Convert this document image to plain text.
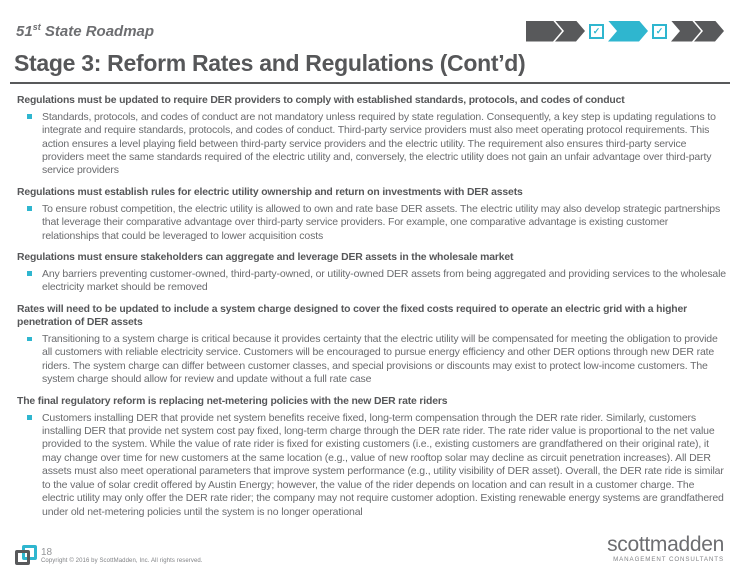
51st State Roadmap	✓	✓
Stage 3: Reform Rates and Regulations (Cont’d)
Regulations must be updated to require DER providers to comply with established standards, protocols, and codes of conduct
Standards, protocols, and codes of conduct are not mandatory unless required by state regulation. Consequently, a key step is updating regulations to integrate and require standards, protocols, and codes of conduct. Third-party service providers must also meet operating protocol requirements. This action ensures a level playing field between third-party service providers and the electric utility. The requirement also ensures third-party service providers meet the same standards required of the electric utility and, conversely, the electric utility does not gain an unfair advantage over third-party service providers
Regulations must establish rules for electric utility ownership and return on investments with DER assets
To ensure robust competition, the electric utility is allowed to own and rate base DER assets. The electric utility may also develop strategic partnerships that leverage their comparative advantage over third-party service providers. For example, one comparative advantage is existing customer relationships that could be leveraged to lower acquisition costs
Regulations must ensure stakeholders can aggregate and leverage DER assets in the wholesale market
Any barriers preventing customer-owned, third-party-owned, or utility-owned DER assets from being aggregated and providing services to the wholesale electricity market should be removed
Rates will need to be updated to include a system charge designed to cover the fixed costs required to operate an electric grid with a higher penetration of DER assets
Transitioning to a system charge is critical because it provides certainty that the electric utility will be compensated for meeting the obligation to provide all customers with reliable electricity service. Customers will be encouraged to pursue energy efficiency and other DER options through new DER rate riders. The system charge can differ between customer classes, and special provisions or discounts may exist to protect low-income customers. The system charge should allow for review and update without a full rate case
The final regulatory reform is replacing net-metering policies with the new DER rate riders
Customers installing DER that provide net system benefits receive fixed, long-term compensation through the DER rate rider. Similarly, customers installing DER that provide net system cost pay fixed, long-term charge through the DER rate rider. The rate rider value is proportional to the net value provided to the system. While the value of rate rider is fixed for existing customers (i.e., existing customers are grandfathered on their original rate), it may change over time for new customers at the same location (e.g., value of new rooftop solar may decline as circuit penetration increases). All DER assets must also meet operational parameters that improve system performance (e.g., utility visibility of DER asset). Overall, the DER rate ride is similar to the value of solar credit offered by Austin Energy; however, the value of the rider depends on location and can result in a customer charge. The electric utility may only offer the DER rate rider; the company may not require customer adoption. Existing renewable energy systems are grandfathered under old net-metering policies until the system is no longer operational
18
Copyright © 2016 by ScottMadden, Inc. All rights reserved.
scottmadden
MANAGEMENT CONSULTANTS
